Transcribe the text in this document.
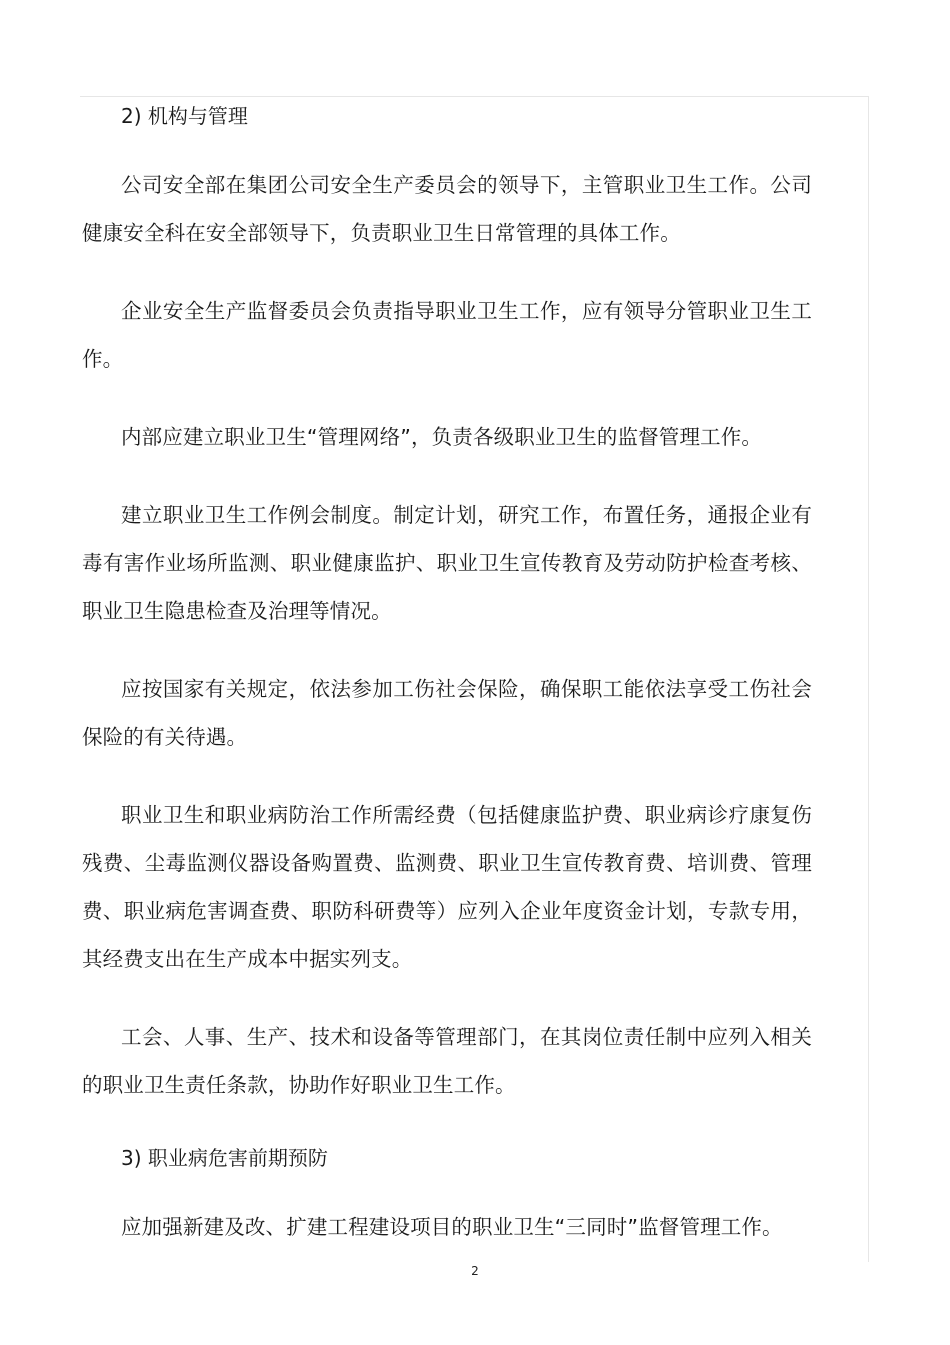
2) 机构与管理

公司安全部在集团公司安全生产委员会的领导下，主管职业卫生工作。公司健康安全科在安全部领导下，负责职业卫生日常管理的具体工作。

企业安全生产监督委员会负责指导职业卫生工作，应有领导分管职业卫生工作。

内部应建立职业卫生“管理网络”，负责各级职业卫生的监督管理工作。

建立职业卫生工作例会制度。制定计划，研究工作，布置任务，通报企业有毒有害作业场所监测、职业健康监护、职业卫生宣传教育及劳动防护检查考核、职业卫生隐患检查及治理等情况。

应按国家有关规定，依法参加工伤社会保险，确保职工能依法享受工伤社会保险的有关待遇。

职业卫生和职业病防治工作所需经费（包括健康监护费、职业病诊疗康复伤残费、尘毒监测仪器设备购置费、监测费、职业卫生宣传教育费、培训费、管理费、职业病危害调查费、职防科研费等）应列入企业年度资金计划，专款专用，其经费支出在生产成本中据实列支。

工会、人事、生产、技术和设备等管理部门，在其岗位责任制中应列入相关的职业卫生责任条款，协助作好职业卫生工作。

3) 职业病危害前期预防

应加强新建及改、扩建工程建设项目的职业卫生“三同时”监督管理工作。

2
